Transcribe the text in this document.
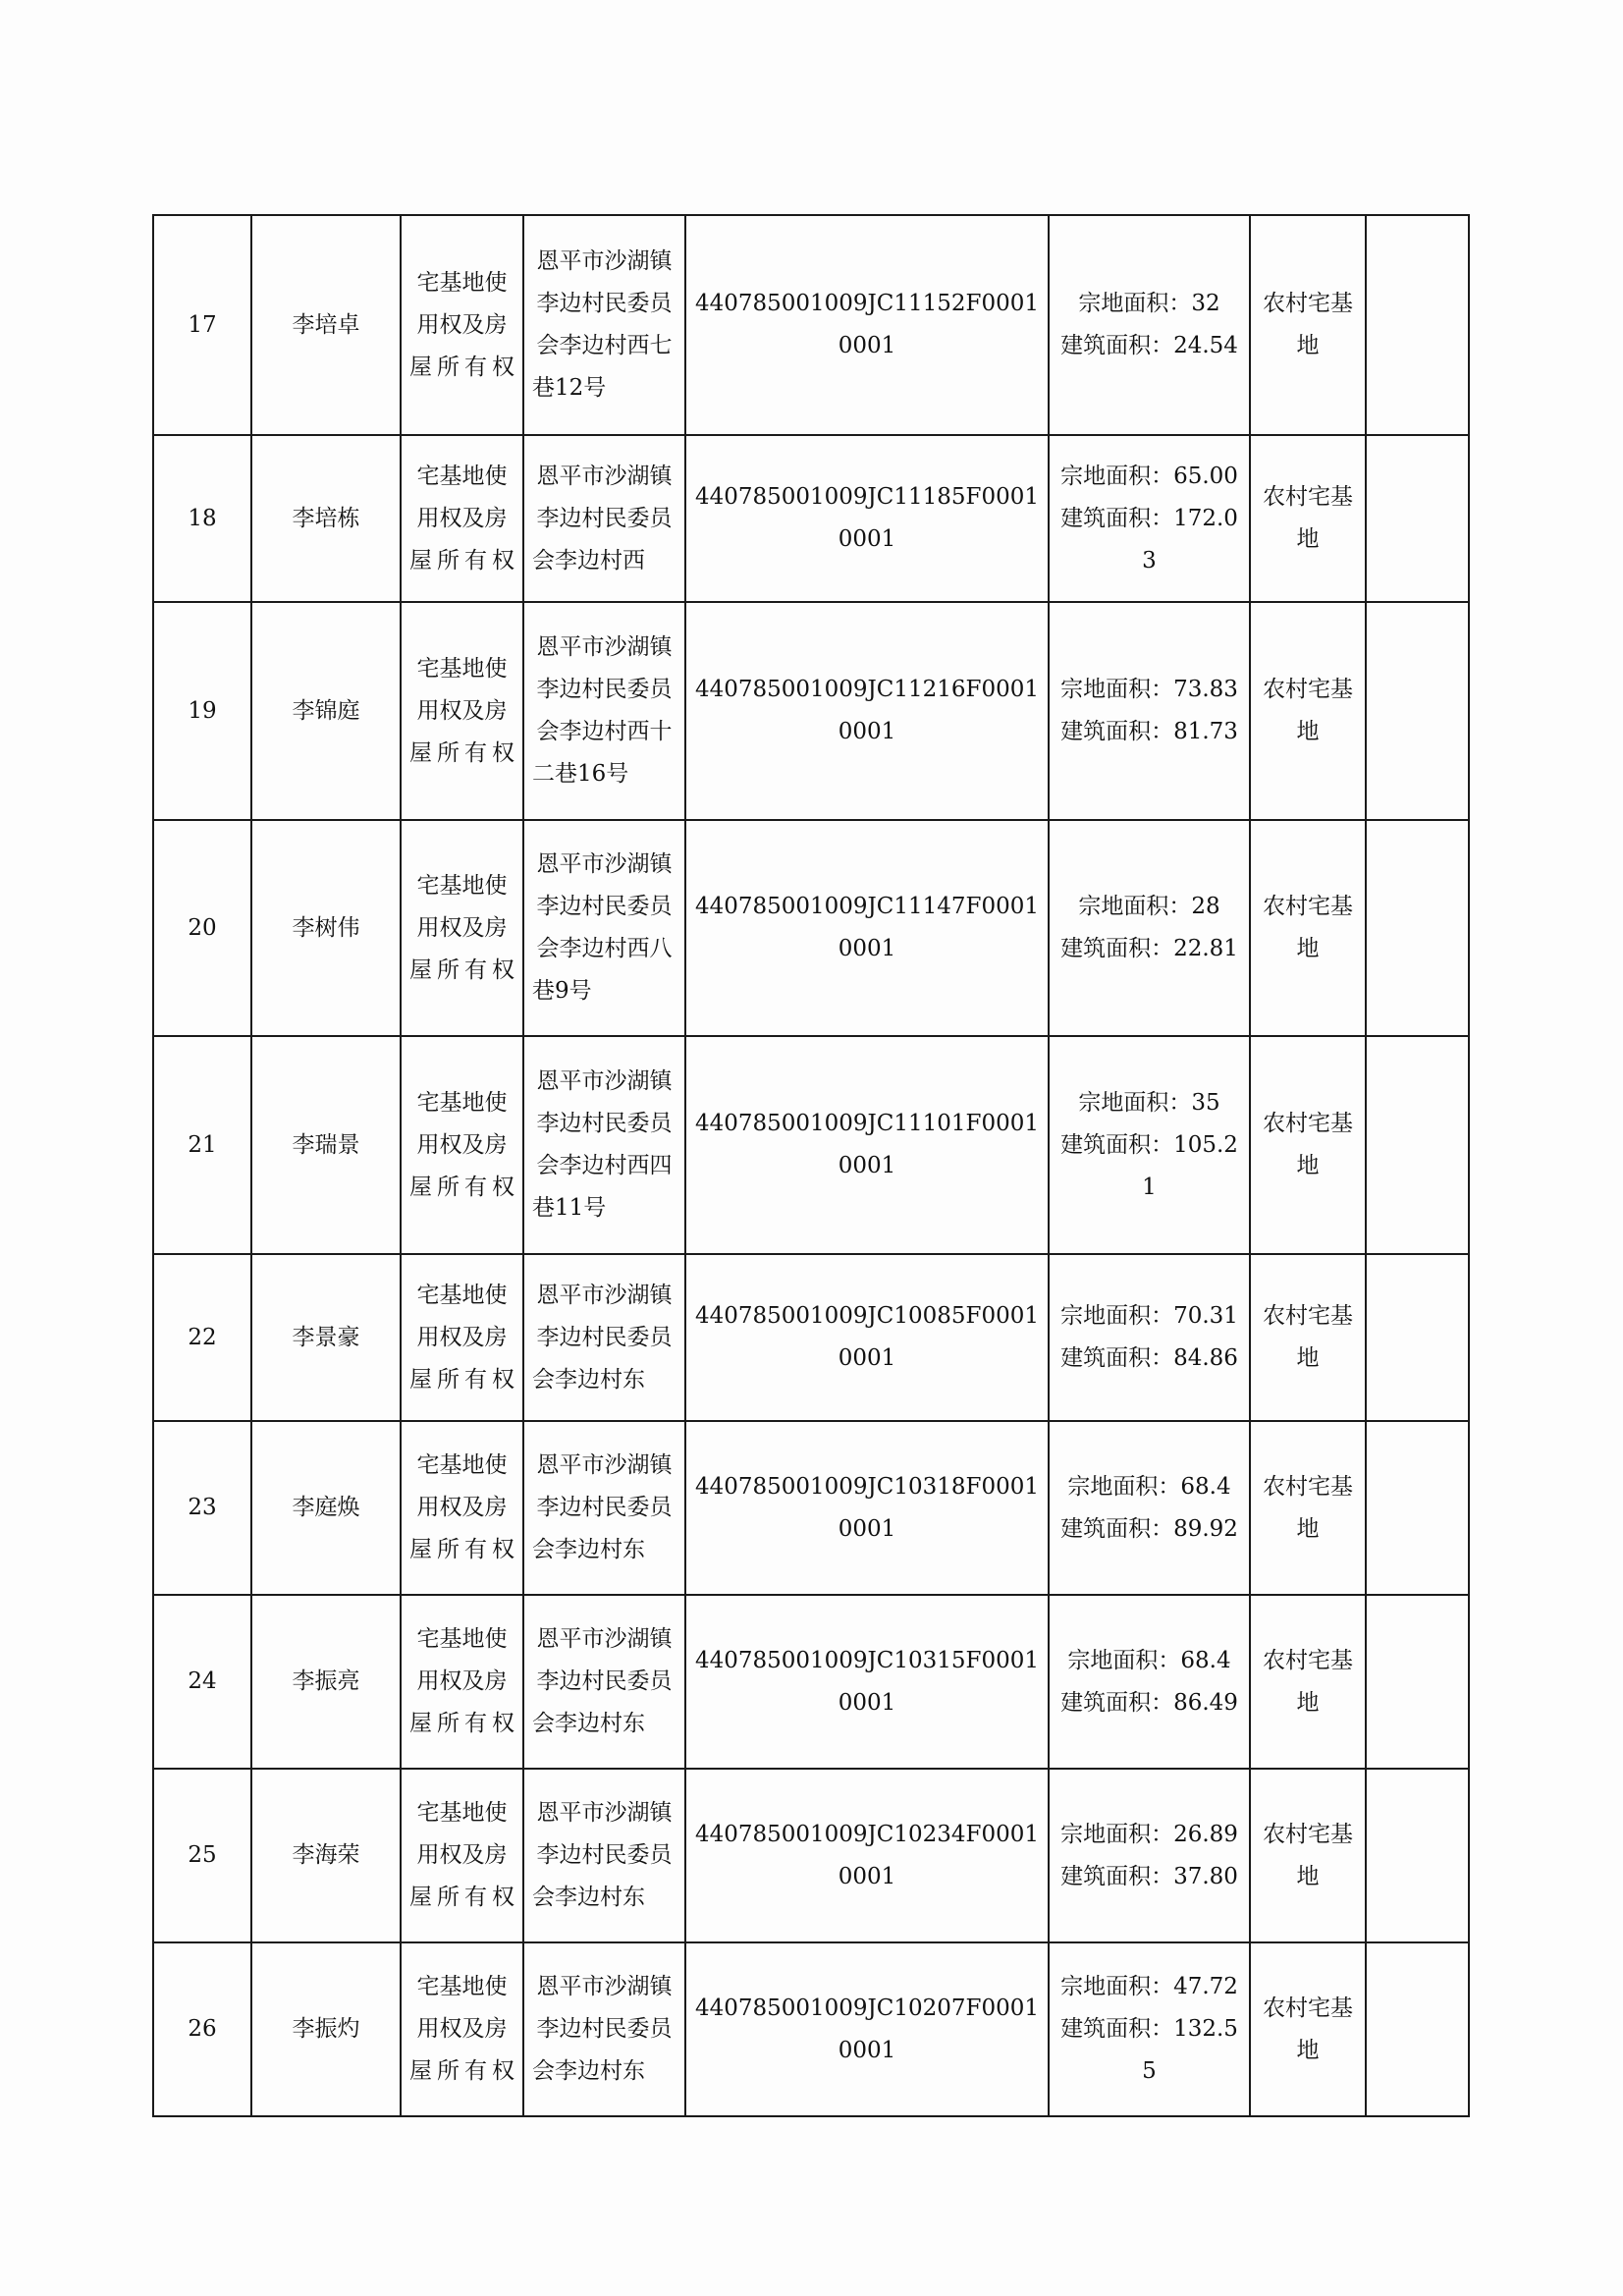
17	李培卓	宅基地使用权及房屋所有权	恩平市沙湖镇李边村民委员会李边村西七巷12号	440785001009JC11152F00010001	宗地面积：32
建筑面积：24.54	农村宅基地	
18	李培栋	宅基地使用权及房屋所有权	恩平市沙湖镇李边村民委员会李边村西	440785001009JC11185F00010001	宗地面积：65.00
建筑面积：172.03	农村宅基地	
19	李锦庭	宅基地使用权及房屋所有权	恩平市沙湖镇李边村民委员会李边村西十二巷16号	440785001009JC11216F00010001	宗地面积：73.83
建筑面积：81.73	农村宅基地	
20	李树伟	宅基地使用权及房屋所有权	恩平市沙湖镇李边村民委员会李边村西八巷9号	440785001009JC11147F00010001	宗地面积：28
建筑面积：22.81	农村宅基地	
21	李瑞景	宅基地使用权及房屋所有权	恩平市沙湖镇李边村民委员会李边村西四巷11号	440785001009JC11101F00010001	宗地面积：35
建筑面积：105.21	农村宅基地	
22	李景豪	宅基地使用权及房屋所有权	恩平市沙湖镇李边村民委员会李边村东	440785001009JC10085F00010001	宗地面积：70.31
建筑面积：84.86	农村宅基地	
23	李庭焕	宅基地使用权及房屋所有权	恩平市沙湖镇李边村民委员会李边村东	440785001009JC10318F00010001	宗地面积：68.4
建筑面积：89.92	农村宅基地	
24	李振亮	宅基地使用权及房屋所有权	恩平市沙湖镇李边村民委员会李边村东	440785001009JC10315F00010001	宗地面积：68.4
建筑面积：86.49	农村宅基地	
25	李海荣	宅基地使用权及房屋所有权	恩平市沙湖镇李边村民委员会李边村东	440785001009JC10234F00010001	宗地面积：26.89
建筑面积：37.80	农村宅基地	
26	李振灼	宅基地使用权及房屋所有权	恩平市沙湖镇李边村民委员会李边村东	440785001009JC10207F00010001	宗地面积：47.72
建筑面积：132.55	农村宅基地	
